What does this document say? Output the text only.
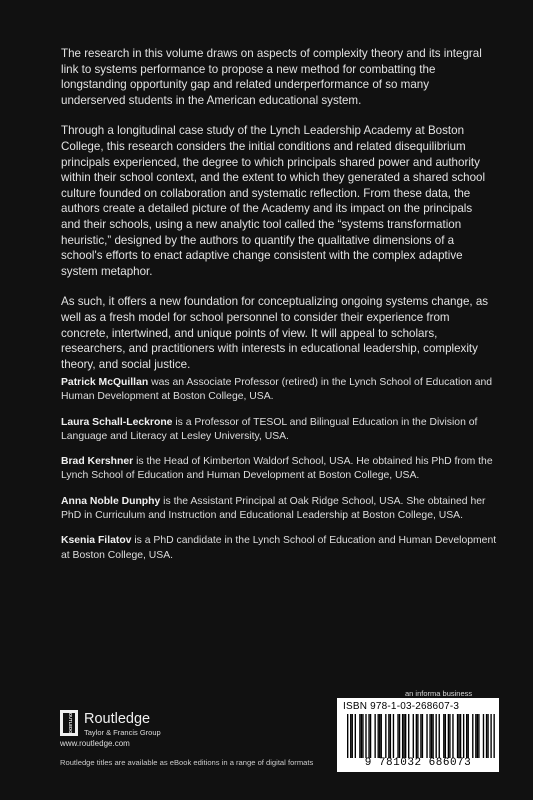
The research in this volume draws on aspects of complexity theory and its integral link to systems performance to propose a new method for combatting the longstanding opportunity gap and related underperformance of so many underserved students in the American educational system.

Through a longitudinal case study of the Lynch Leadership Academy at Boston College, this research considers the initial conditions and related disequilibrium principals experienced, the degree to which principals shared power and authority within their school context, and the extent to which they generated a shared school culture founded on collaboration and systematic reflection. From these data, the authors create a detailed picture of the Academy and its impact on the principals and their schools, using a new analytic tool called the “systems transformation heuristic,” designed by the authors to quantify the qualitative dimensions of a school's efforts to enact adaptive change consistent with the complex adaptive system metaphor.

As such, it offers a new foundation for conceptualizing ongoing systems change, as well as a fresh model for school personnel to consider their experience from concrete, intertwined, and unique points of view. It will appeal to scholars, researchers, and practitioners with interests in educational leadership, complexity theory, and social justice.

Patrick McQuillan was an Associate Professor (retired) in the Lynch School of Education and Human Development at Boston College, USA.
Laura Schall-Leckrone is a Professor of TESOL and Bilingual Education in the Division of Language and Literacy at Lesley University, USA.
Brad Kershner is the Head of Kimberton Waldorf School, USA. He obtained his PhD from the Lynch School of Education and Human Development at Boston College, USA.
Anna Noble Dunphy is the Assistant Principal at Oak Ridge School, USA. She obtained her PhD in Curriculum and Instruction and Educational Leadership at Boston College, USA.
Ksenia Filatov is a PhD candidate in the Lynch School of Education and Human Development at Boston College, USA.
an informa business
ISBN 978-1-03-268607-3
9 781032 686073
ROUTLEDGE Routledge
Taylor & Francis Group
www.routledge.com
Routledge titles are available as eBook editions in a range of digital formats
